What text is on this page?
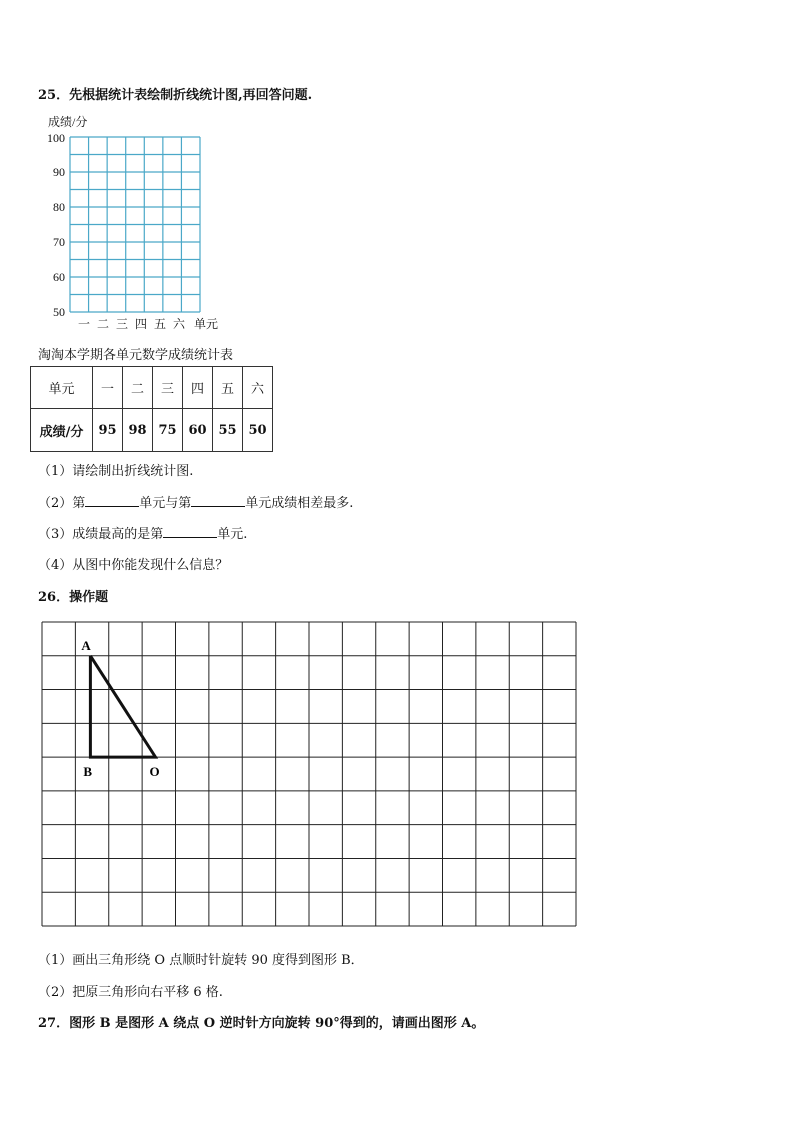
25．先根据统计表绘制折线统计图,再回答问题.
成绩/分
100
90
80
70
60
50
一 二 三 四 五 六 单元
淘淘本学期各单元数学成绩统计表
单元	一	二	三	四	五	六
成绩/分	95	98	75	60	55	50
（1）请绘制出折线统计图.
（2）第	单元与第	单元成绩相差最多.
（3）成绩最高的是第	单元.
（4）从图中你能发现什么信息？
26．操作题
A
B	O
（1）画出三角形绕 O 点顺时针旋转 90 度得到图形 B．
（2）把原三角形向右平移 6 格.
27．图形 B 是图形 A 绕点 O 逆时针方向旋转 90°得到的，请画出图形 A。
